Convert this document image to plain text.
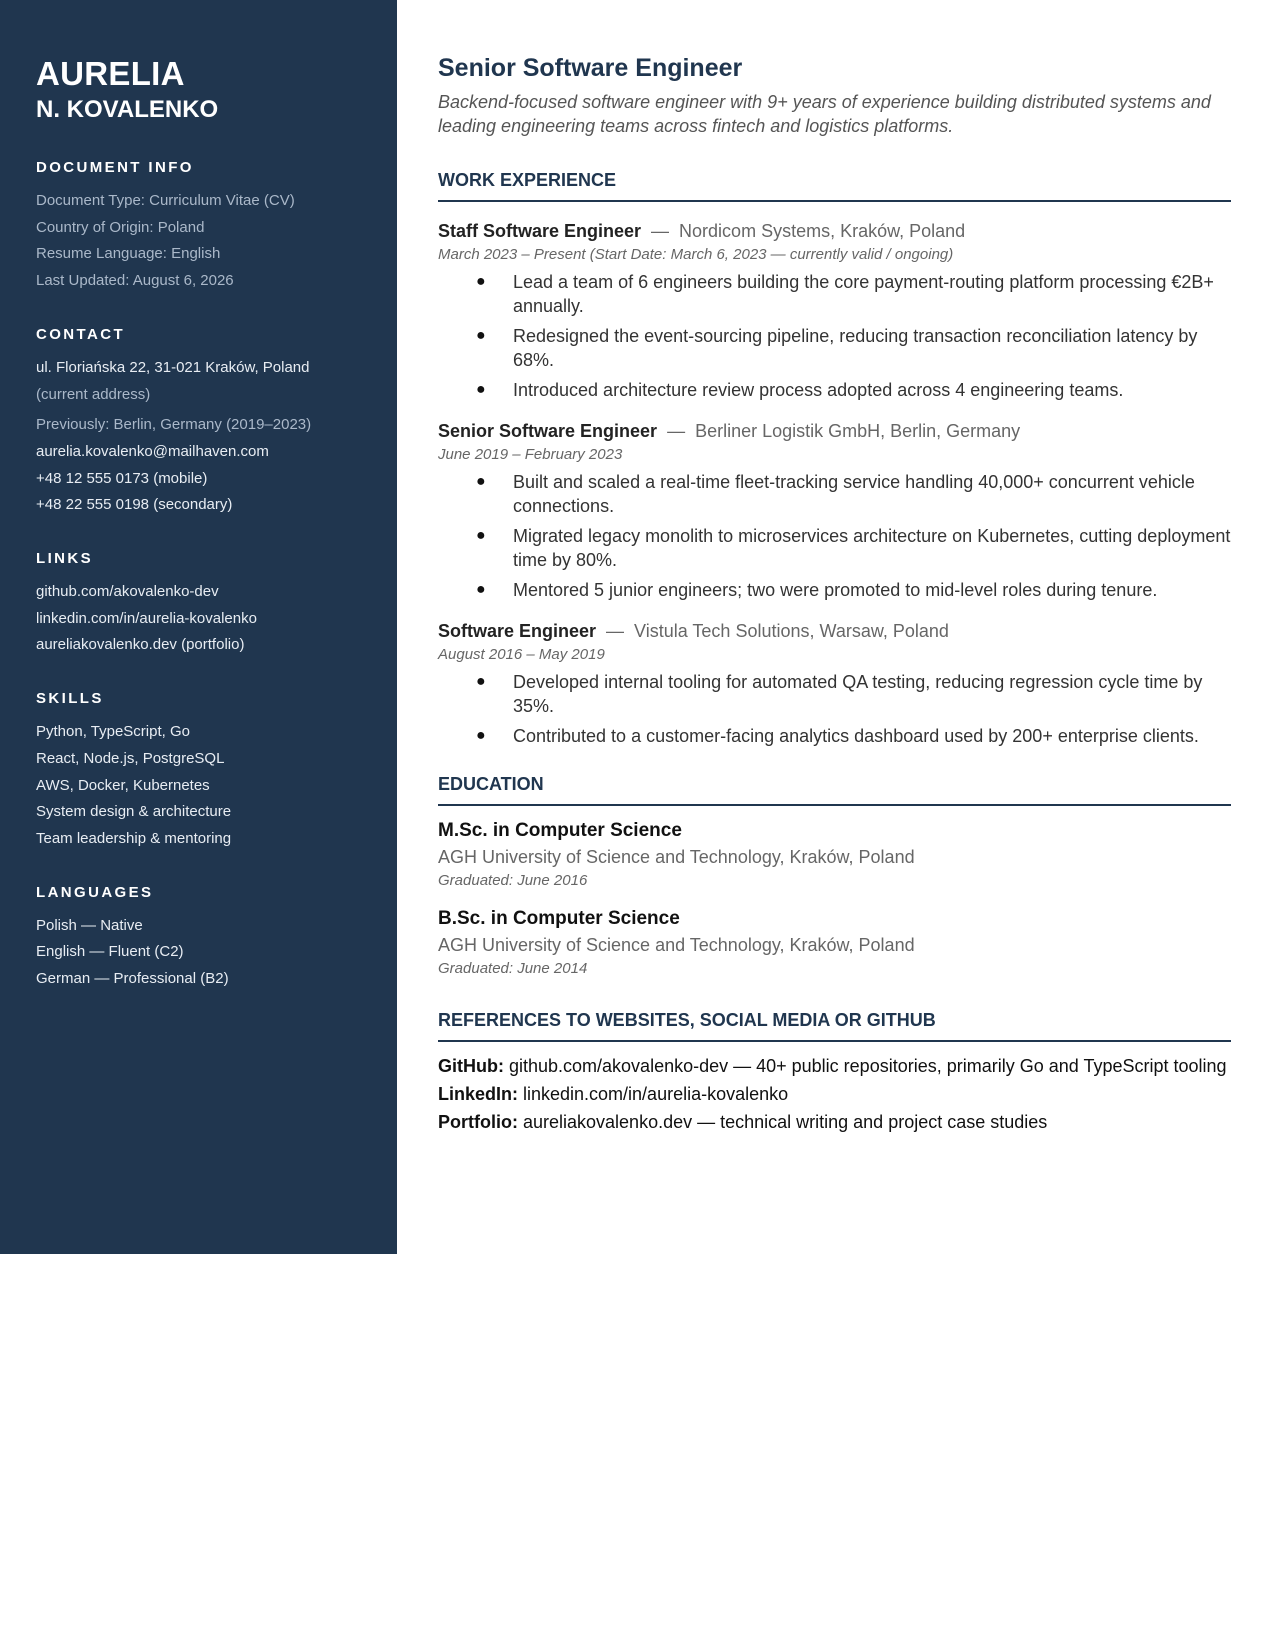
AURELIA
N. KOVALENKO
DOCUMENT INFO

Document Type: Curriculum Vitae (CV)

Country of Origin: Poland

Resume Language: English

Last Updated: August 6, 2026

CONTACT

ul. Floriańska 22, 31-021 Kraków, Poland

(current address)

Previously: Berlin, Germany (2019–2023)

aurelia.kovalenko@mailhaven.com

+48 12 555 0173 (mobile)

+48 22 555 0198 (secondary)

LINKS

github.com/akovalenko-dev

linkedin.com/in/aurelia-kovalenko

aureliakovalenko.dev (portfolio)

SKILLS

Python, TypeScript, Go

React, Node.js, PostgreSQL

AWS, Docker, Kubernetes

System design & architecture

Team leadership & mentoring

LANGUAGES

Polish — Native

English — Fluent (C2)

German — Professional (B2)

Senior Software Engineer

Backend-focused software engineer with 9+ years of experience building distributed systems and leading engineering teams across fintech and logistics platforms.

WORK EXPERIENCE

Staff Software Engineer — Nordicom Systems, Kraków, Poland

March 2023 – Present (Start Date: March 6, 2023 — currently valid / ongoing)

● Lead a team of 6 engineers building the core payment-routing platform processing €2B+ annually.
● Redesigned the event-sourcing pipeline, reducing transaction reconciliation latency by 68%.
● Introduced architecture review process adopted across 4 engineering teams.

Senior Software Engineer — Berliner Logistik GmbH, Berlin, Germany

June 2019 – February 2023

● Built and scaled a real-time fleet-tracking service handling 40,000+ concurrent vehicle connections.
● Migrated legacy monolith to microservices architecture on Kubernetes, cutting deployment time by 80%.
● Mentored 5 junior engineers; two were promoted to mid-level roles during tenure.

Software Engineer — Vistula Tech Solutions, Warsaw, Poland

August 2016 – May 2019

● Developed internal tooling for automated QA testing, reducing regression cycle time by 35%.
● Contributed to a customer-facing analytics dashboard used by 200+ enterprise clients.
EDUCATION

M.Sc. in Computer Science

AGH University of Science and Technology, Kraków, Poland

Graduated: June 2016

B.Sc. in Computer Science

AGH University of Science and Technology, Kraków, Poland

Graduated: June 2014

REFERENCES TO WEBSITES, SOCIAL MEDIA OR GITHUB

GitHub: github.com/akovalenko-dev — 40+ public repositories, primarily Go and TypeScript tooling

LinkedIn: linkedin.com/in/aurelia-kovalenko

Portfolio: aureliakovalenko.dev — technical writing and project case studies
